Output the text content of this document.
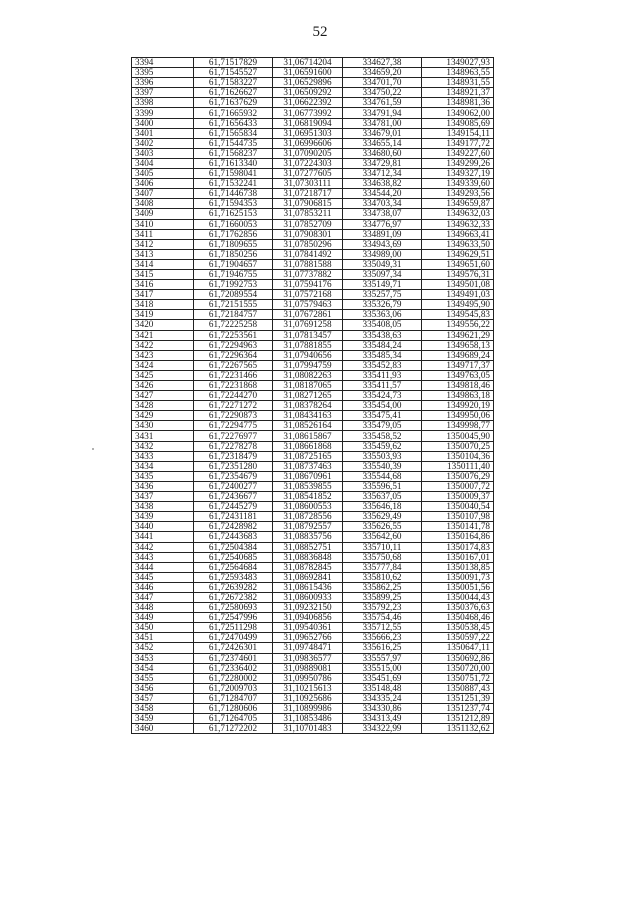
52
3394	61,71517829	31,06714204	334627,38	1349027,93
3395	61,71545527	31,06591600	334659,20	1348963,55
3396	61,71583227	31,06529896	334701,70	1348931,55
3397	61,71626627	31,06509292	334750,22	1348921,37
3398	61,71637629	31,06622392	334761,59	1348981,36
3399	61,71665932	31,06773992	334791,94	1349062,00
3400	61,71656433	31,06819094	334781,00	1349085,69
3401	61,71565834	31,06951303	334679,01	1349154,11
3402	61,71544735	31,06996606	334655,14	1349177,72
3403	61,71568237	31,07090205	334680,60	1349227,60
3404	61,71613340	31,07224303	334729,81	1349299,26
3405	61,71598041	31,07277605	334712,34	1349327,19
3406	61,71532241	31,07303111	334638,82	1349339,60
3407	61,71446738	31,07218717	334544,20	1349293,56
3408	61,71594353	31,07906815	334703,34	1349659,87
3409	61,71625153	31,07853211	334738,07	1349632,03
3410	61,71660053	31,07852709	334776,97	1349632,33
3411	61,71762856	31,07908301	334891,09	1349663,41
3412	61,71809655	31,07850296	334943,69	1349633,50
3413	61,71850256	31,07841492	334989,00	1349629,51
3414	61,71904657	31,07881588	335049,31	1349651,60
3415	61,71946755	31,07737882	335097,34	1349576,31
3416	61,71992753	31,07594176	335149,71	1349501,08
3417	61,72089554	31,07572168	335257,75	1349491,03
3418	61,72151555	31,07579463	335326,79	1349495,90
3419	61,72184757	31,07672861	335363,06	1349545,83
3420	61,72225258	31,07691258	335408,05	1349556,22
3421	61,72253561	31,07813457	335438,63	1349621,29
3422	61,72294963	31,07881855	335484,24	1349658,13
3423	61,72296364	31,07940656	335485,34	1349689,24
3424	61,72267565	31,07994759	335452,83	1349717,37
3425	61,72231466	31,08082263	335411,93	1349763,05
3426	61,72231868	31,08187065	335411,57	1349818,46
3427	61,72244270	31,08271265	335424,73	1349863,18
3428	61,72271272	31,08378264	335454,00	1349920,19
3429	61,72290873	31,08434163	335475,41	1349950,06
3430	61,72294775	31,08526164	335479,05	1349998,77
3431	61,72276977	31,08615867	335458,52	1350045,90
3432	61,72278278	31,08661868	335459,62	1350070,25
3433	61,72318479	31,08725165	335503,93	1350104,36
3434	61,72351280	31,08737463	335540,39	1350111,40
3435	61,72354679	31,08670961	335544,68	1350076,29
3436	61,72400277	31,08539855	335596,51	1350007,72
3437	61,72436677	31,08541852	335637,05	1350009,37
3438	61,72445279	31,08600553	335646,18	1350040,54
3439	61,72431181	31,08728556	335629,49	1350107,98
3440	61,72428982	31,08792557	335626,55	1350141,78
3441	61,72443683	31,08835756	335642,60	1350164,86
3442	61,72504384	31,08852751	335710,11	1350174,83
3443	61,72540685	31,08836848	335750,68	1350167,01
3444	61,72564684	31,08782845	335777,84	1350138,85
3445	61,72593483	31,08692841	335810,62	1350091,73
3446	61,72639282	31,08615436	335862,25	1350051,56
3447	61,72672382	31,08600933	335899,25	1350044,43
3448	61,72580693	31,09232150	335792,23	1350376,63
3449	61,72547996	31,09406856	335754,46	1350468,46
3450	61,72511298	31,09540361	335712,55	1350538,45
3451	61,72470499	31,09652766	335666,23	1350597,22
3452	61,72426301	31,09748471	335616,25	1350647,11
3453	61,72374601	31,09836577	335557,97	1350692,86
3454	61,72336402	31,09889081	335515,00	1350720,00
3455	61,72280002	31,09950786	335451,69	1350751,72
3456	61,72009703	31,10215613	335148,48	1350887,43
3457	61,71284707	31,10925686	334335,24	1351251,39
3458	61,71280606	31,10899986	334330,86	1351237,74
3459	61,71264705	31,10853486	334313,49	1351212,89
3460	61,71272202	31,10701483	334322,99	1351132,62
